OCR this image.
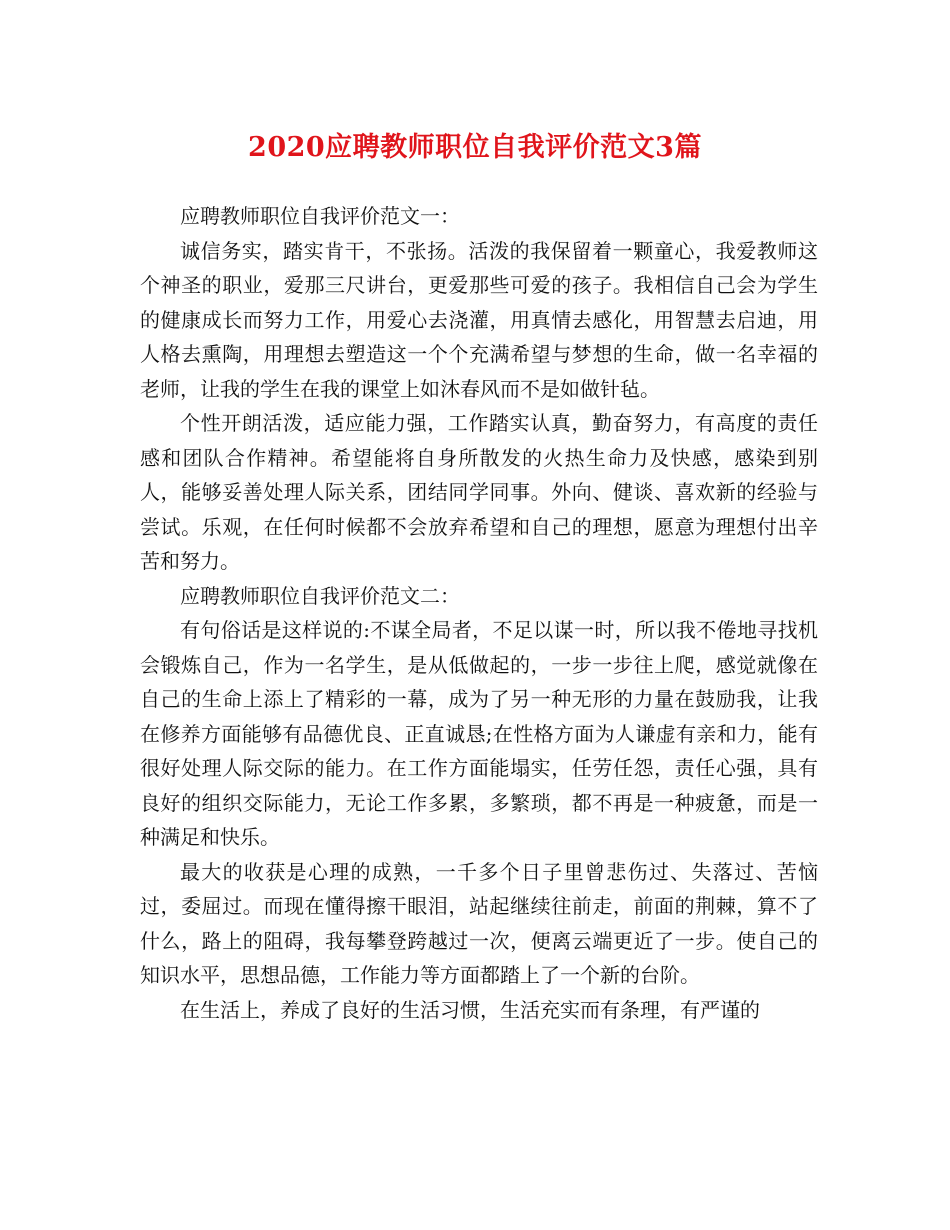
2020应聘教师职位自我评价范文3篇

应聘教师职位自我评价范文一：

诚信务实，踏实肯干，不张扬。活泼的我保留着一颗童心，我爱教师这个神圣的职业，爱那三尺讲台，更爱那些可爱的孩子。我相信自己会为学生的健康成长而努力工作，用爱心去浇灌，用真情去感化，用智慧去启迪，用人格去熏陶，用理想去塑造这一个个充满希望与梦想的生命，做一名幸福的老师，让我的学生在我的课堂上如沐春风而不是如做针毡。

个性开朗活泼，适应能力强，工作踏实认真，勤奋努力，有高度的责任感和团队合作精神。希望能将自身所散发的火热生命力及快感，感染到别人，能够妥善处理人际关系，团结同学同事。外向、健谈、喜欢新的经验与尝试。乐观，在任何时候都不会放弃希望和自己的理想，愿意为理想付出辛苦和努力。

应聘教师职位自我评价范文二：

有句俗话是这样说的:不谋全局者，不足以谋一时，所以我不倦地寻找机会锻炼自己，作为一名学生，是从低做起的，一步一步往上爬，感觉就像在自己的生命上添上了精彩的一幕，成为了另一种无形的力量在鼓励我，让我在修养方面能够有品德优良、正直诚恳;在性格方面为人谦虚有亲和力，能有很好处理人际交际的能力。在工作方面能塌实，任劳任怨，责任心强，具有良好的组织交际能力，无论工作多累，多繁琐，都不再是一种疲惫，而是一种满足和快乐。

最大的收获是心理的成熟，一千多个日子里曾悲伤过、失落过、苦恼过，委屈过。而现在懂得擦干眼泪，站起继续往前走，前面的荆棘，算不了什么，路上的阻碍，我每攀登跨越过一次，便离云端更近了一步。使自己的知识水平，思想品德，工作能力等方面都踏上了一个新的台阶。

在生活上，养成了良好的生活习惯，生活充实而有条理，有严谨的
